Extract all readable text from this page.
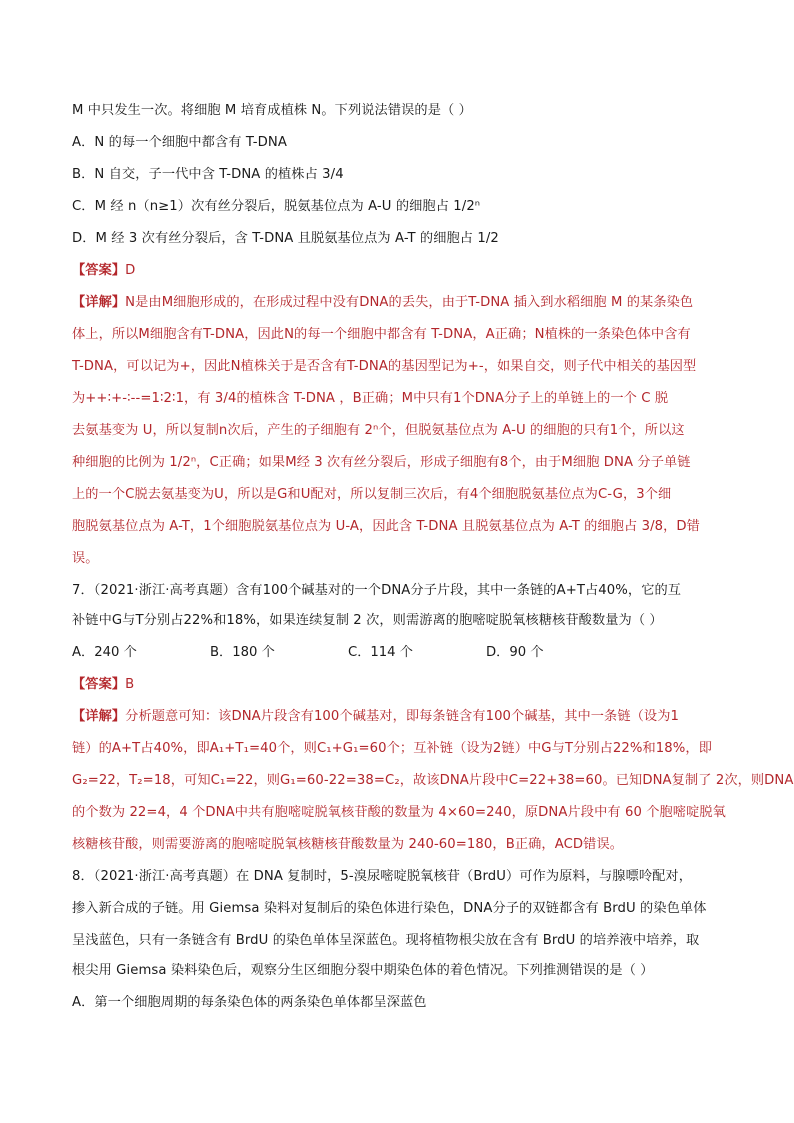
M 中只发生一次。将细胞 M 培育成植株 N。下列说法错误的是（ ）
A．N 的每一个细胞中都含有 T-DNA
B．N 自交，子一代中含 T-DNA 的植株占 3/4
C．M 经 n（n≥1）次有丝分裂后，脱氨基位点为 A-U 的细胞占 1/2ⁿ
D．M 经 3 次有丝分裂后，含 T-DNA 且脱氨基位点为 A-T 的细胞占 1/2
【答案】D
【详解】N是由M细胞形成的，在形成过程中没有DNA的丢失，由于T-DNA 插入到水稻细胞 M 的某条染色
体上，所以M细胞含有T-DNA，因此N的每一个细胞中都含有 T-DNA，A正确；N植株的一条染色体中含有
T-DNA，可以记为+，因此N植株关于是否含有T-DNA的基因型记为+-，如果自交，则子代中相关的基因型
为++∶+-∶--=1∶2∶1，有 3/4的植株含 T-DNA ，B正确；M中只有1个DNA分子上的单链上的一个 C 脱
去氨基变为 U，所以复制n次后，产生的子细胞有 2ⁿ个，但脱氨基位点为 A-U 的细胞的只有1个，所以这
种细胞的比例为 1/2ⁿ，C正确；如果M经 3 次有丝分裂后，形成子细胞有8个，由于M细胞 DNA 分子单链
上的一个C脱去氨基变为U，所以是G和U配对，所以复制三次后，有4个细胞脱氨基位点为C-G，3个细
胞脱氨基位点为 A-T，1个细胞脱氨基位点为 U-A，因此含 T-DNA 且脱氨基位点为 A-T 的细胞占 3/8，D错
误。
7．（2021·浙江·高考真题）含有100个碱基对的一个DNA分子片段，其中一条链的A+T占40%，它的互
补链中G与T分别占22%和18%，如果连续复制 2 次，则需游离的胞嘧啶脱氧核糖核苷酸数量为（ ）
A．240 个	B．180 个	C．114 个	D．90 个
【答案】B
【详解】分析题意可知：该DNA片段含有100个碱基对，即每条链含有100个碱基，其中一条链（设为1
链）的A+T占40%，即A₁+T₁=40个，则C₁+G₁=60个；互补链（设为2链）中G与T分别占22%和18%，即
G₂=22，T₂=18，可知C₁=22，则G₁=60-22=38=C₂，故该DNA片段中C=22+38=60。已知DNA复制了 2次，则DNA
的个数为 22=4，4 个DNA中共有胞嘧啶脱氧核苷酸的数量为 4×60=240，原DNA片段中有 60 个胞嘧啶脱氧
核糖核苷酸，则需要游离的胞嘧啶脱氧核糖核苷酸数量为 240-60=180，B正确，ACD错误。
8．（2021·浙江·高考真题）在 DNA 复制时，5-溴尿嘧啶脱氧核苷（BrdU）可作为原料，与腺嘌呤配对，
掺入新合成的子链。用 Giemsa 染料对复制后的染色体进行染色，DNA分子的双链都含有 BrdU 的染色单体
呈浅蓝色，只有一条链含有 BrdU 的染色单体呈深蓝色。现将植物根尖放在含有 BrdU 的培养液中培养，取
根尖用 Giemsa 染料染色后，观察分生区细胞分裂中期染色体的着色情况。下列推测错误的是（ ）
A．第一个细胞周期的每条染色体的两条染色单体都呈深蓝色
